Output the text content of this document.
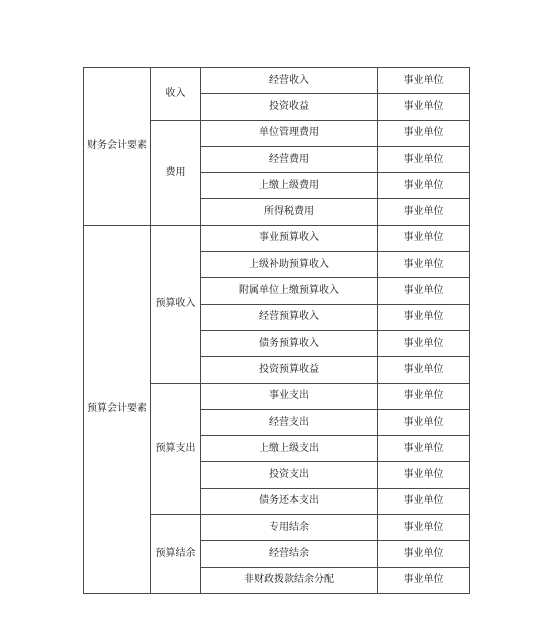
财务会计要素	收入	经营收入	事业单位
		投资收益	事业单位
	费用	单位管理费用	事业单位
		经营费用	事业单位
		上缴上级费用	事业单位
		所得税费用	事业单位
预算会计要素	预算收入	事业预算收入	事业单位
		上级补助预算收入	事业单位
		附属单位上缴预算收入	事业单位
		经营预算收入	事业单位
		债务预算收入	事业单位
		投资预算收益	事业单位
	预算支出	事业支出	事业单位
		经营支出	事业单位
		上缴上级支出	事业单位
		投资支出	事业单位
		债务还本支出	事业单位
	预算结余	专用结余	事业单位
		经营结余	事业单位
		非财政拨款结余分配	事业单位
